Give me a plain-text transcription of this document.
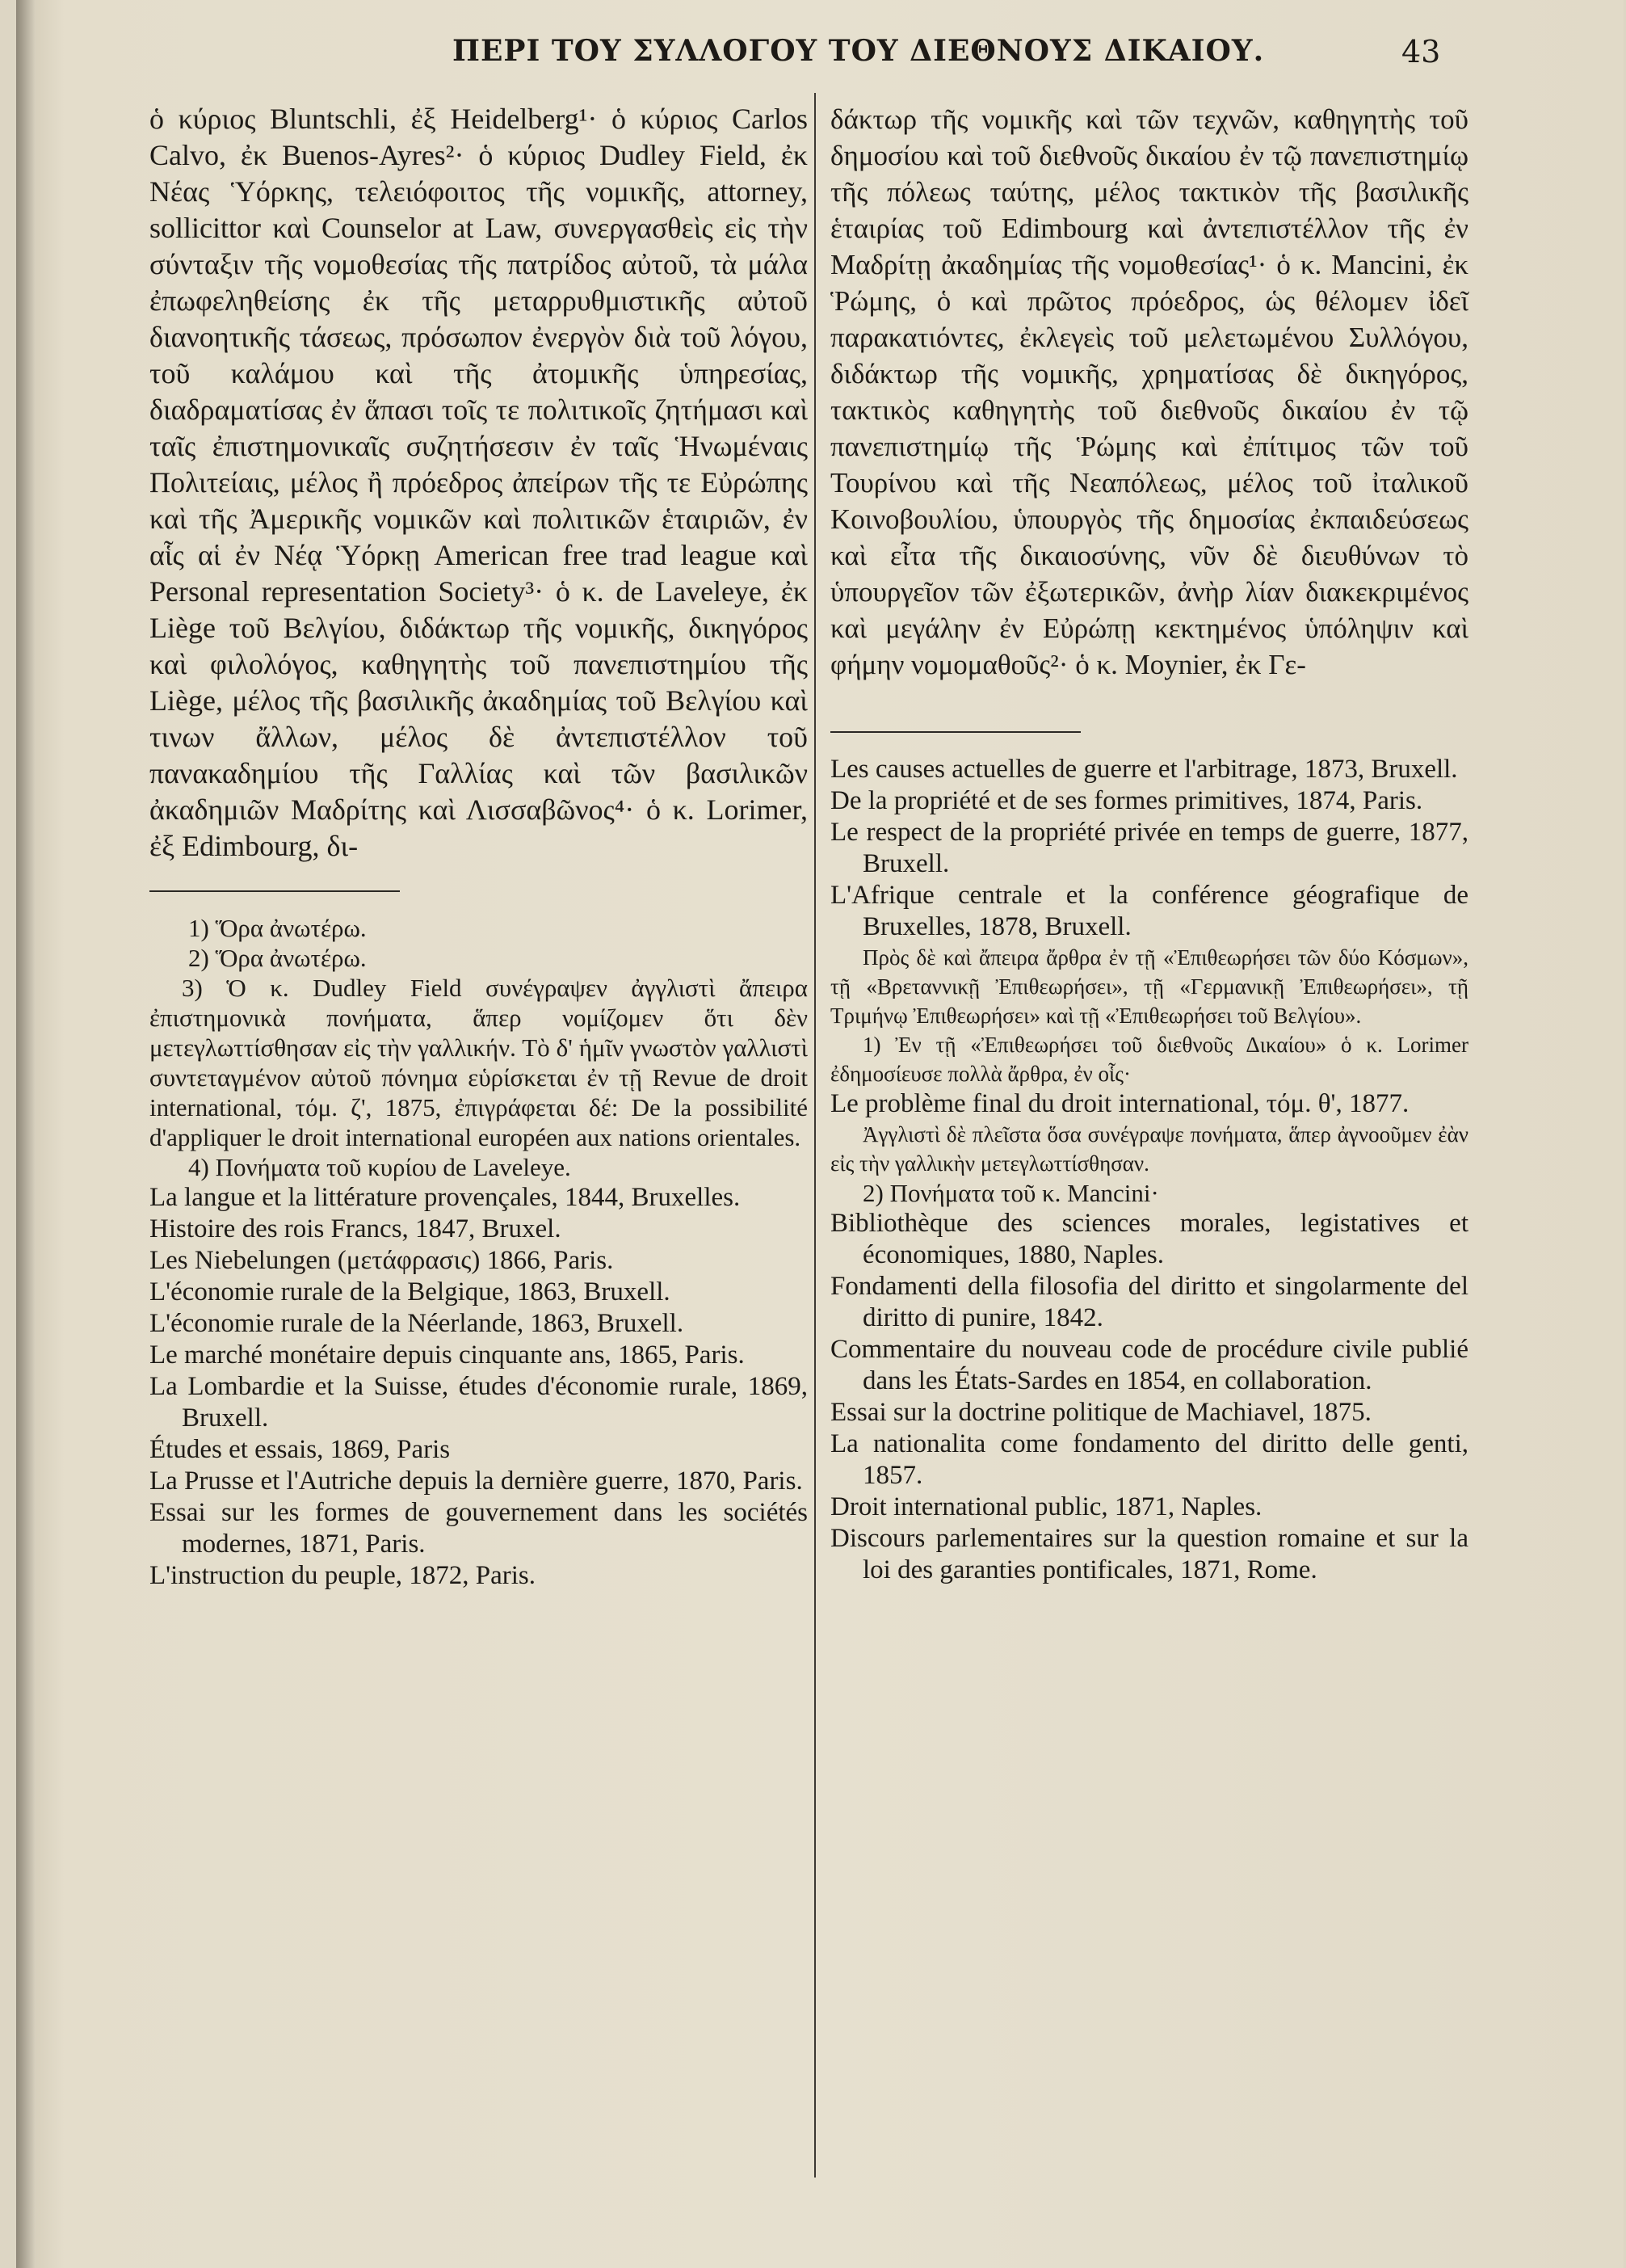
ΠΕΡΙ ΤΟΥ ΣΥΛΛΟΓΟΥ ΤΟΥ ΔΙΕΘΝΟΥΣ ΔΙΚΑΙΟΥ.	43

ὁ κύριος Bluntschli, ἐξ Heidelberg¹· ὁ κύριος Carlos Calvo, ἐκ Buenos-Ayres²· ὁ κύριος Dudley Field, ἐκ Νέας Ὑόρκης, τελειόφοιτος τῆς νομικῆς, attorney, sollicittor καὶ Counselor at Law, συνεργασθεὶς εἰς τὴν σύνταξιν τῆς νομοθεσίας τῆς πατρίδος αὐτοῦ, τὰ μάλα ἐπωφεληθείσης ἐκ τῆς μεταρρυθμιστικῆς αὐτοῦ διανοητικῆς τάσεως, πρόσωπον ἐνεργὸν διὰ τοῦ λόγου, τοῦ καλάμου καὶ τῆς ἀτομικῆς ὑπηρεσίας, διαδραματίσας ἐν ἅπασι τοῖς τε πολιτικοῖς ζητήμασι καὶ ταῖς ἐπιστημονικαῖς συζητήσεσιν ἐν ταῖς Ἡνωμέναις Πολιτείαις, μέλος ἢ πρόεδρος ἀπείρων τῆς τε Εὐρώπης καὶ τῆς Ἀμερικῆς νομικῶν καὶ πολιτικῶν ἑταιριῶν, ἐν αἷς αἱ ἐν Νέᾳ Ὑόρκῃ American free trad league καὶ Personal representation Society³· ὁ κ. de Laveleye, ἐκ Liège τοῦ Βελγίου, διδάκτωρ τῆς νομικῆς, δικηγόρος καὶ φιλολόγος, καθηγητὴς τοῦ πανεπιστημίου τῆς Liège, μέλος τῆς βασιλικῆς ἀκαδημίας τοῦ Βελγίου καὶ τινων ἄλλων, μέλος δὲ ἀντεπιστέλλον τοῦ πανακαδημίου τῆς Γαλλίας καὶ τῶν βασιλικῶν ἀκαδημιῶν Μαδρίτης καὶ Λισσαβῶνος⁴· ὁ κ. Lorimer, ἐξ Edimbourg, δι-

1) Ὅρα ἀνωτέρω.

2) Ὅρα ἀνωτέρω.

3) Ὁ κ. Dudley Field συνέγραψεν ἀγγλιστὶ ἄπειρα ἐπιστημονικὰ πονήματα, ἅπερ νομίζομεν ὅτι δὲν μετεγλωττίσθησαν εἰς τὴν γαλλικήν. Τὸ δ' ἡμῖν γνωστὸν γαλλιστὶ συντεταγμένον αὐτοῦ πόνημα εὑρίσκεται ἐν τῇ Revue de droit international, τόμ. ζ', 1875, ἐπιγράφεται δέ: De la possibilité d'appliquer le droit international européen aux nations orientales.

4) Πονήματα τοῦ κυρίου de Laveleye.

La langue et la littérature provençales, 1844, Bruxelles.

Histoire des rois Francs, 1847, Bruxel.

Les Niebelungen (μετάφρασις) 1866, Paris.

L'économie rurale de la Belgique, 1863, Bruxell.

L'économie rurale de la Néerlande, 1863, Bruxell.

Le marché monétaire depuis cinquante ans, 1865, Paris.

La Lombardie et la Suisse, études d'économie rurale, 1869, Bruxell.

Études et essais, 1869, Paris

La Prusse et l'Autriche depuis la dernière guerre, 1870, Paris.

Essai sur les formes de gouvernement dans les sociétés modernes, 1871, Paris.

L'instruction du peuple, 1872, Paris.

δάκτωρ τῆς νομικῆς καὶ τῶν τεχνῶν, καθηγητὴς τοῦ δημοσίου καὶ τοῦ διεθνοῦς δικαίου ἐν τῷ πανεπιστημίῳ τῆς πόλεως ταύτης, μέλος τακτικὸν τῆς βασιλικῆς ἑταιρίας τοῦ Edimbourg καὶ ἀντεπιστέλλον τῆς ἐν Μαδρίτῃ ἀκαδημίας τῆς νομοθεσίας¹· ὁ κ. Mancini, ἐκ Ῥώμης, ὁ καὶ πρῶτος πρόεδρος, ὡς θέλομεν ἰδεῖ παρακατιόντες, ἐκλεγεὶς τοῦ μελετωμένου Συλλόγου, διδάκτωρ τῆς νομικῆς, χρηματίσας δὲ δικηγόρος, τακτικὸς καθηγητὴς τοῦ διεθνοῦς δικαίου ἐν τῷ πανεπιστημίῳ τῆς Ῥώμης καὶ ἐπίτιμος τῶν τοῦ Τουρίνου καὶ τῆς Νεαπόλεως, μέλος τοῦ ἰταλικοῦ Κοινοβουλίου, ὑπουργὸς τῆς δημοσίας ἐκπαιδεύσεως καὶ εἶτα τῆς δικαιοσύνης, νῦν δὲ διευθύνων τὸ ὑπουργεῖον τῶν ἐξωτερικῶν, ἀνὴρ λίαν διακεκριμένος καὶ μεγάλην ἐν Εὐρώπῃ κεκτημένος ὑπόληψιν καὶ φήμην νομομαθοῦς²· ὁ κ. Moynier, ἐκ Γε-

Les causes actuelles de guerre et l'arbitrage, 1873, Bruxell.

De la propriété et de ses formes primitives, 1874, Paris.

Le respect de la propriété privée en temps de guerre, 1877, Bruxell.

L'Afrique centrale et la conférence géografique de Bruxelles, 1878, Bruxell.

Πρὸς δὲ καὶ ἄπειρα ἄρθρα ἐν τῇ «Ἐπιθεωρήσει τῶν δύο Κόσμων», τῇ «Βρεταννικῇ Ἐπιθεωρήσει», τῇ «Γερμανικῇ Ἐπιθεωρήσει», τῇ Τριμήνῳ Ἐπιθεωρήσει» καὶ τῇ «Ἐπιθεωρήσει τοῦ Βελγίου».

1) Ἐν τῇ «Ἐπιθεωρήσει τοῦ διεθνοῦς Δικαίου» ὁ κ. Lorimer ἐδημοσίευσε πολλὰ ἄρθρα, ἐν οἷς·

Le problème final du droit international, τόμ. θ', 1877.

Ἀγγλιστὶ δὲ πλεῖστα ὅσα συνέγραψε πονήματα, ἅπερ ἀγνοοῦμεν ἐὰν εἰς τὴν γαλλικὴν μετεγλωττίσθησαν.

2) Πονήματα τοῦ κ. Mancini·

Bibliothèque des sciences morales, legistatives et économiques, 1880, Naples.

Fondamenti della filosofia del diritto et singolarmente del diritto di punire, 1842.

Commentaire du nouveau code de procédure civile publié dans les États-Sardes en 1854, en collaboration.

Essai sur la doctrine politique de Machiavel, 1875.

La nationalita come fondamento del diritto delle genti, 1857.

Droit international public, 1871, Naples.

Discours parlementaires sur la question romaine et sur la loi des garanties pontificales, 1871, Rome.
